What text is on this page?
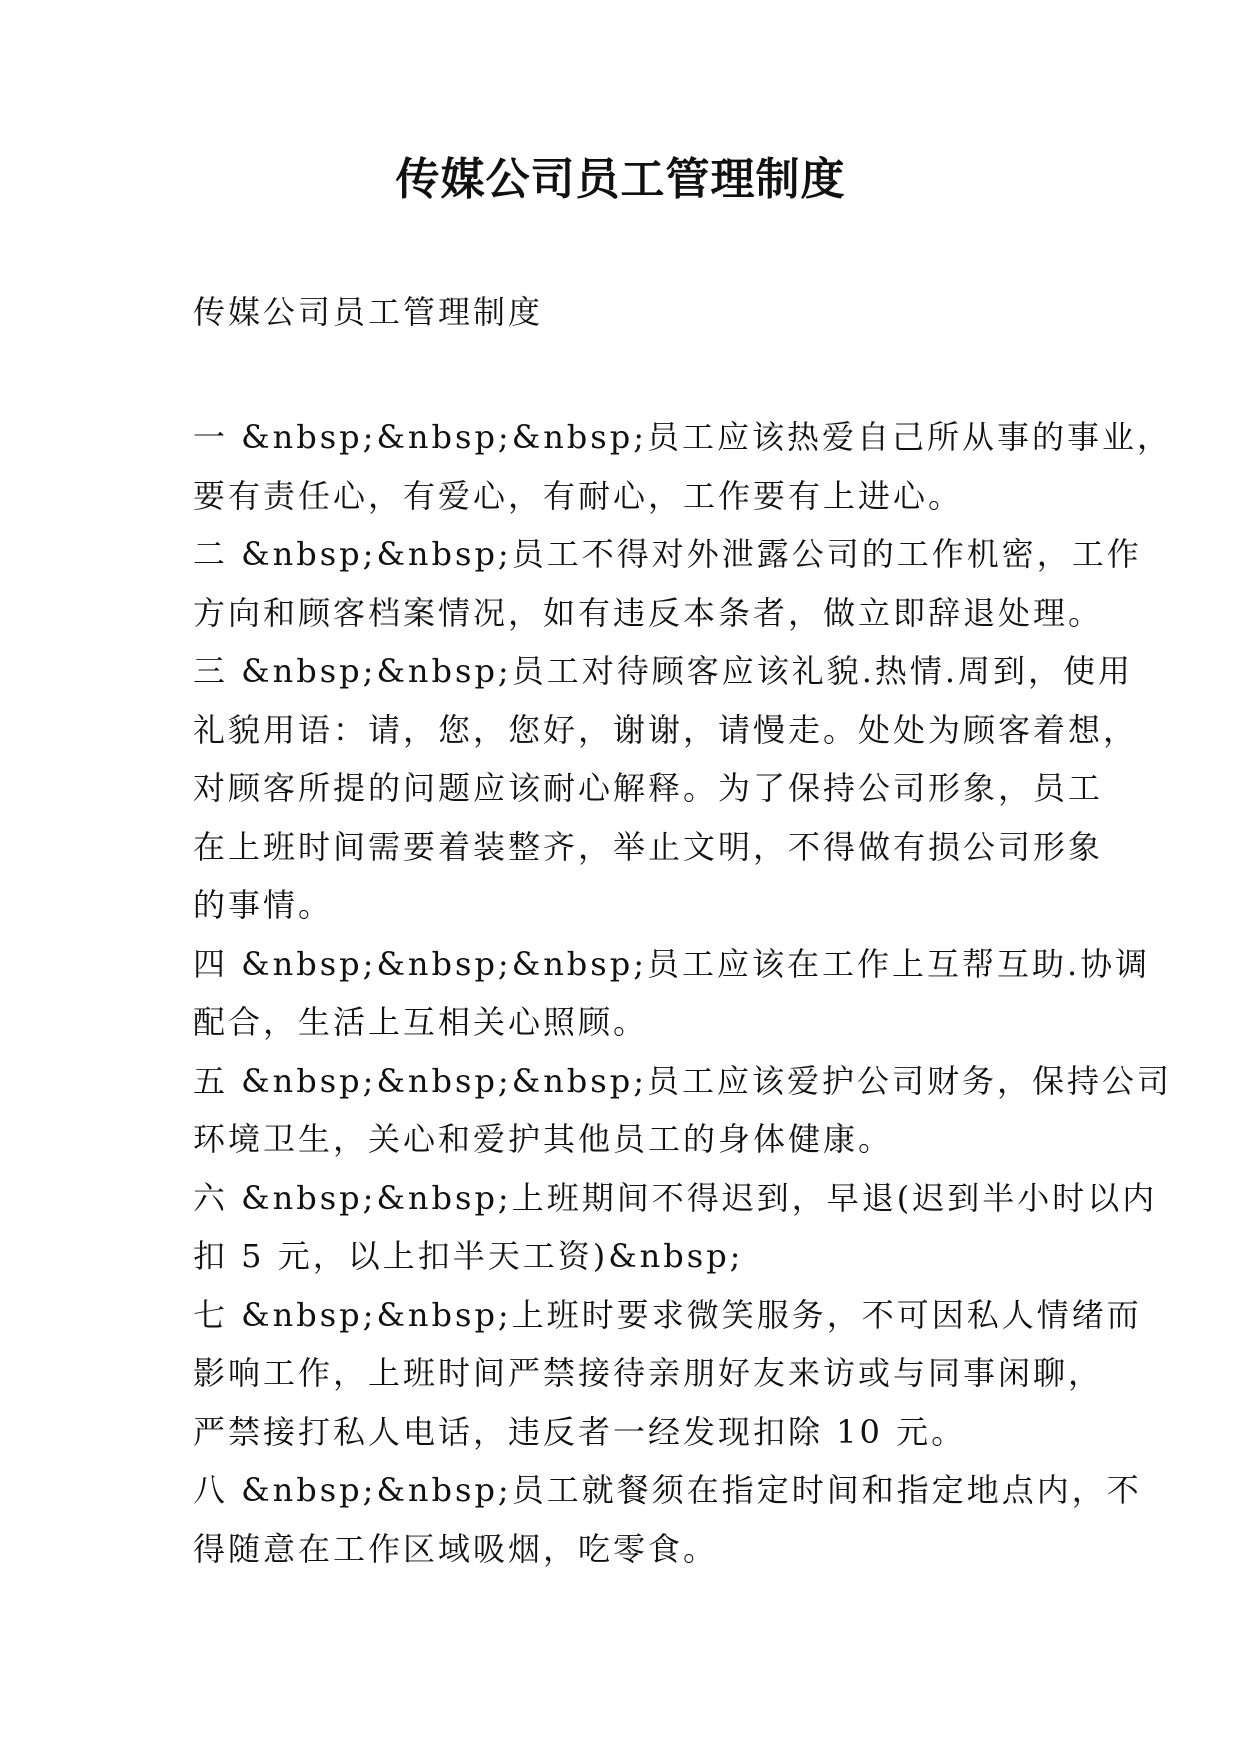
传媒公司员工管理制度

传媒公司员工管理制度

一 &nbsp;&nbsp;&nbsp;员工应该热爱自己所从事的事业，
要有责任心，有爱心，有耐心，工作要有上进心。
二 &nbsp;&nbsp;员工不得对外泄露公司的工作机密，工作
方向和顾客档案情况，如有违反本条者，做立即辞退处理。
三 &nbsp;&nbsp;员工对待顾客应该礼貌.热情.周到，使用
礼貌用语：请，您，您好，谢谢，请慢走。处处为顾客着想，
对顾客所提的问题应该耐心解释。为了保持公司形象，员工
在上班时间需要着装整齐，举止文明，不得做有损公司形象
的事情。
四 &nbsp;&nbsp;&nbsp;员工应该在工作上互帮互助.协调
配合，生活上互相关心照顾。
五 &nbsp;&nbsp;&nbsp;员工应该爱护公司财务，保持公司
环境卫生，关心和爱护其他员工的身体健康。
六 &nbsp;&nbsp;上班期间不得迟到，早退(迟到半小时以内
扣 5 元，以上扣半天工资)&nbsp;
七 &nbsp;&nbsp;上班时要求微笑服务，不可因私人情绪而
影响工作，上班时间严禁接待亲朋好友来访或与同事闲聊，
严禁接打私人电话，违反者一经发现扣除 10 元。
八 &nbsp;&nbsp;员工就餐须在指定时间和指定地点内，不
得随意在工作区域吸烟，吃零食。
